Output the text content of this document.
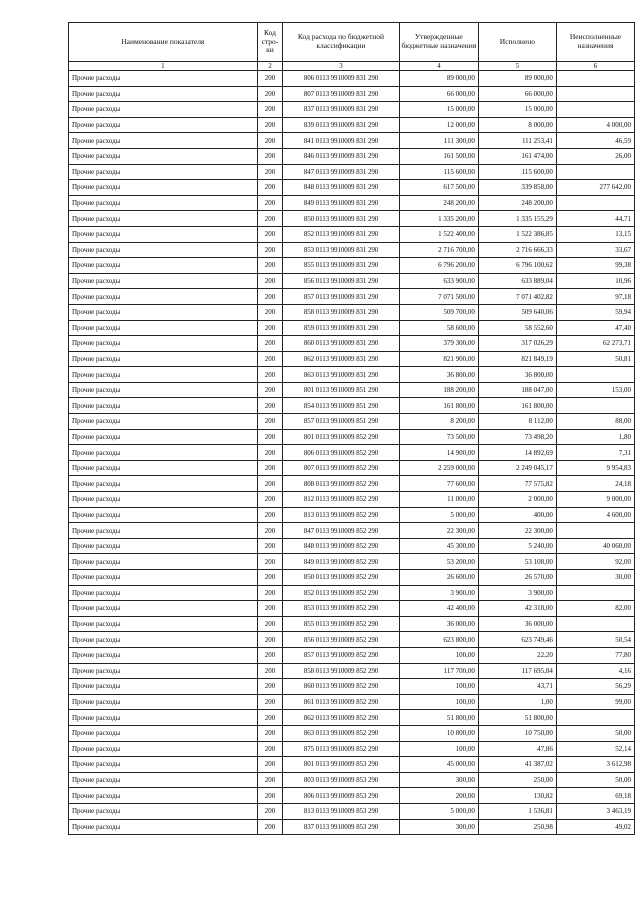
Наименование показателя	Код стро-ки	Код расхода по бюджетной классификации	Утвержденные бюджетные назначения	Исполнено	Неисполненные назначения
1	2	3	4	5	6
Прочие расходы	200	806 0113 9910009 831 290	89 000,00	89 000,00	
Прочие расходы	200	807 0113 9910009 831 290	66 000,00	66 000,00	
Прочие расходы	200	837 0113 9910009 831 290	15 000,00	15 000,00	
Прочие расходы	200	839 0113 9910009 831 290	12 000,00	8 000,00	4 000,00
Прочие расходы	200	841 0113 9910009 831 290	111 300,00	111 253,41	46,59
Прочие расходы	200	846 0113 9910009 831 290	161 500,00	161 474,00	26,00
Прочие расходы	200	847 0113 9910009 831 290	115 600,00	115 600,00	
Прочие расходы	200	848 0113 9910009 831 290	617 500,00	339 858,00	277 642,00
Прочие расходы	200	849 0113 9910009 831 290	248 200,00	248 200,00	
Прочие расходы	200	850 0113 9910009 831 290	1 335 200,00	1 335 155,29	44,71
Прочие расходы	200	852 0113 9910009 831 290	1 522 400,00	1 522 386,85	13,15
Прочие расходы	200	853 0113 9910009 831 290	2 716 700,00	2 716 666,33	33,67
Прочие расходы	200	855 0113 9910009 831 290	6 796 200,00	6 796 100,62	99,38
Прочие расходы	200	856 0113 9910009 831 290	633 900,00	633 889,04	10,96
Прочие расходы	200	857 0113 9910009 831 290	7 071 500,00	7 071 402,82	97,18
Прочие расходы	200	858 0113 9910009 831 290	509 700,00	509 640,06	59,94
Прочие расходы	200	859 0113 9910009 831 290	58 600,00	58 552,60	47,40
Прочие расходы	200	860 0113 9910009 831 290	379 300,00	317 026,29	62 273,71
Прочие расходы	200	862 0113 9910009 831 290	821 900,00	821 849,19	50,81
Прочие расходы	200	863 0113 9910009 831 290	36 800,00	36 800,00	
Прочие расходы	200	801 0113 9910009 851 290	188 200,00	188 047,00	153,00
Прочие расходы	200	854 0113 9910009 851 290	161 800,00	161 800,00	
Прочие расходы	200	857 0113 9910009 851 290	8 200,00	8 112,00	88,00
Прочие расходы	200	801 0113 9910009 852 290	73 500,00	73 498,20	1,80
Прочие расходы	200	806 0113 9910009 852 290	14 900,00	14 892,69	7,31
Прочие расходы	200	807 0113 9910009 852 290	2 259 000,00	2 249 045,17	9 954,83
Прочие расходы	200	808 0113 9910009 852 290	77 600,00	77 575,82	24,18
Прочие расходы	200	812 0113 9910009 852 290	11 000,00	2 000,00	9 000,00
Прочие расходы	200	813 0113 9910009 852 290	5 000,00	400,00	4 600,00
Прочие расходы	200	847 0113 9910009 852 290	22 300,00	22 300,00	
Прочие расходы	200	848 0113 9910009 852 290	45 300,00	5 240,00	40 060,00
Прочие расходы	200	849 0113 9910009 852 290	53 200,00	53 108,00	92,00
Прочие расходы	200	850 0113 9910009 852 290	26 600,00	26 570,00	30,00
Прочие расходы	200	852 0113 9910009 852 290	3 900,00	3 900,00	
Прочие расходы	200	853 0113 9910009 852 290	42 400,00	42 318,00	82,00
Прочие расходы	200	855 0113 9910009 852 290	36 000,00	36 000,00	
Прочие расходы	200	856 0113 9910009 852 290	623 800,00	623 749,46	50,54
Прочие расходы	200	857 0113 9910009 852 290	100,00	22,20	77,80
Прочие расходы	200	858 0113 9910009 852 290	117 700,00	117 695,84	4,16
Прочие расходы	200	860 0113 9910009 852 290	100,00	43,71	56,29
Прочие расходы	200	861 0113 9910009 852 290	100,00	1,00	99,00
Прочие расходы	200	862 0113 9910009 852 290	51 800,00	51 800,00	
Прочие расходы	200	863 0113 9910009 852 290	10 800,00	10 750,00	50,00
Прочие расходы	200	875 0113 9910009 852 290	100,00	47,86	52,14
Прочие расходы	200	801 0113 9910009 853 290	45 000,00	41 387,02	3 612,98
Прочие расходы	200	803 0113 9910009 853 290	300,00	250,00	50,00
Прочие расходы	200	806 0113 9910009 853 290	200,00	130,82	69,18
Прочие расходы	200	813 0113 9910009 853 290	5 000,00	1 536,81	3 463,19
Прочие расходы	200	837 0113 9910009 853 290	300,00	250,98	49,02
